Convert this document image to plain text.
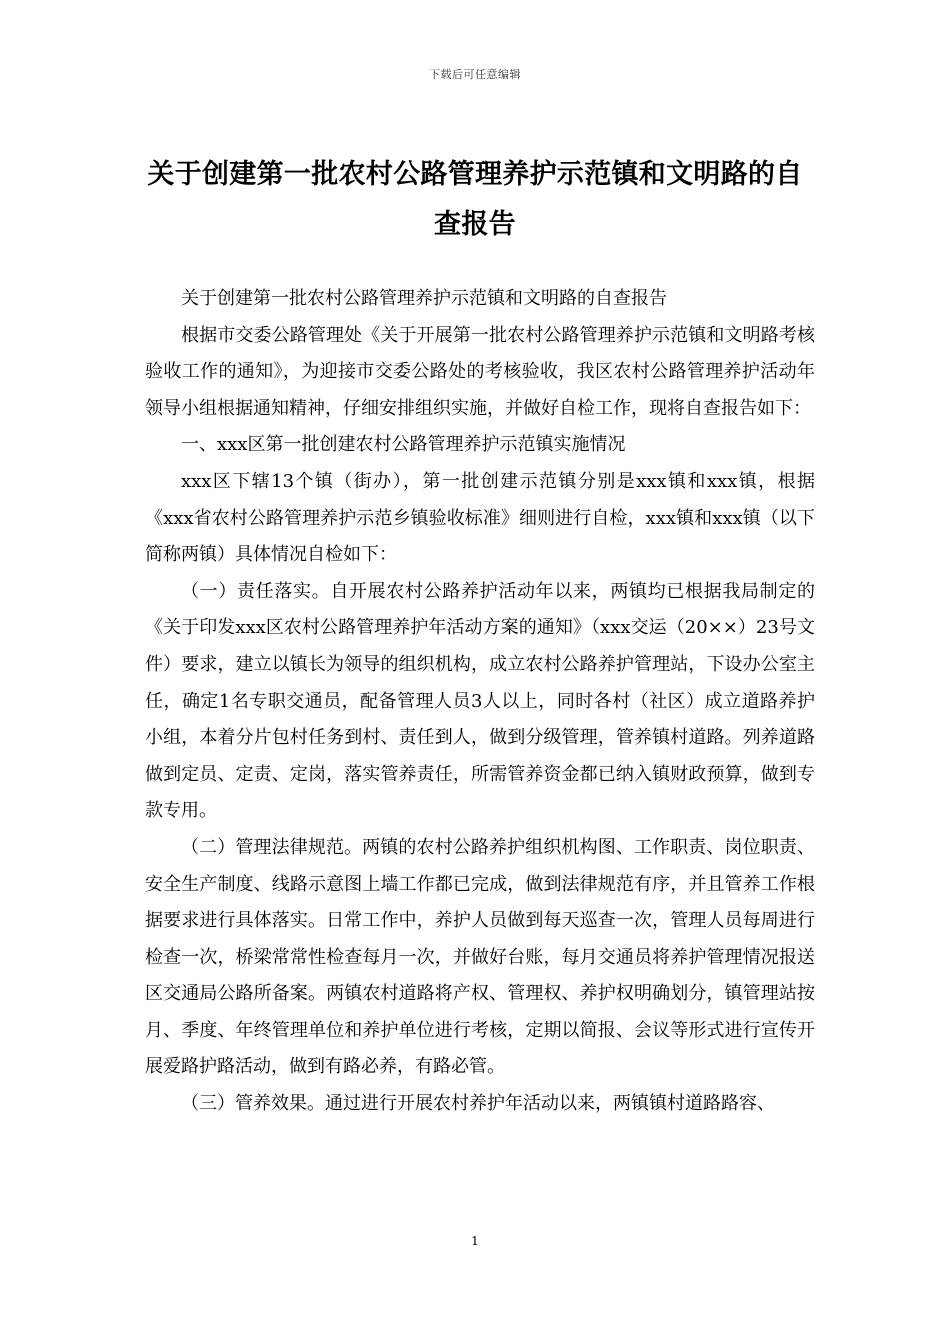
下载后可任意编辑
关于创建第一批农村公路管理养护示范镇和文明路的自查报告

关于创建第一批农村公路管理养护示范镇和文明路的自查报告

根据市交委公路管理处《关于开展第一批农村公路管理养护示范镇和文明路考核验收工作的通知》，为迎接市交委公路处的考核验收，我区农村公路管理养护活动年领导小组根据通知精神，仔细安排组织实施，并做好自检工作，现将自查报告如下：

一、xxx区第一批创建农村公路管理养护示范镇实施情况

xxx区下辖13个镇（街办），第一批创建示范镇分别是xxx镇和xxx镇，根据《xxx省农村公路管理养护示范乡镇验收标准》细则进行自检，xxx镇和xxx镇（以下简称两镇）具体情况自检如下：

（一）责任落实。自开展农村公路养护活动年以来，两镇均已根据我局制定的《关于印发xxx区农村公路管理养护年活动方案的通知》（xxx交运（20××）23号文件）要求，建立以镇长为领导的组织机构，成立农村公路养护管理站，下设办公室主任，确定1名专职交通员，配备管理人员3人以上，同时各村（社区）成立道路养护小组，本着分片包村任务到村、责任到人，做到分级管理，管养镇村道路。列养道路做到定员、定责、定岗，落实管养责任，所需管养资金都已纳入镇财政预算，做到专款专用。

（二）管理法律规范。两镇的农村公路养护组织机构图、工作职责、岗位职责、安全生产制度、线路示意图上墙工作都已完成，做到法律规范有序，并且管养工作根据要求进行具体落实。日常工作中，养护人员做到每天巡查一次，管理人员每周进行检查一次，桥梁常常性检查每月一次，并做好台账，每月交通员将养护管理情况报送区交通局公路所备案。两镇农村道路将产权、管理权、养护权明确划分，镇管理站按月、季度、年终管理单位和养护单位进行考核，定期以简报、会议等形式进行宣传开展爱路护路活动，做到有路必养，有路必管。

（三）管养效果。通过进行开展农村养护年活动以来，两镇镇村道路路容、

1
